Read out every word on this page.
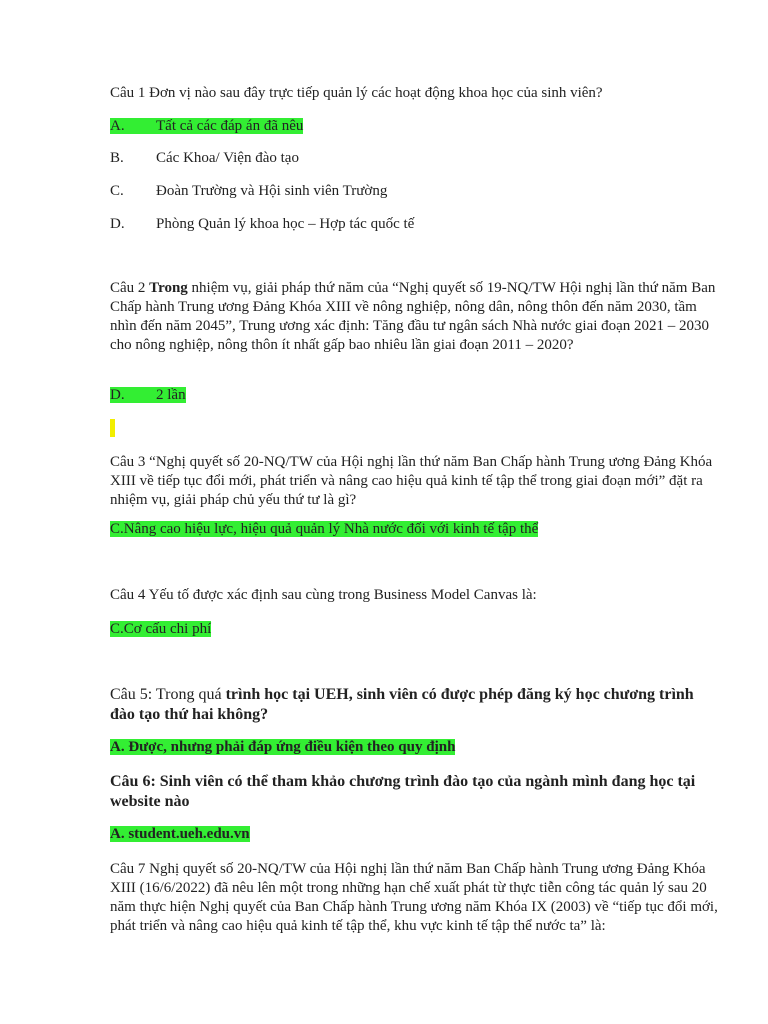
Câu 1 Đơn vị nào sau đây trực tiếp quản lý các hoạt động khoa học của sinh viên?

A. Tất cả các đáp án đã nêu
B. Các Khoa/ Viện đào tạo
C. Đoàn Trường và Hội sinh viên Trường
D. Phòng Quản lý khoa học – Hợp tác quốc tế

Câu 2 Trong nhiệm vụ, giải pháp thứ năm của “Nghị quyết số 19-NQ/TW Hội nghị lần thứ năm Ban Chấp hành Trung ương Đảng Khóa XIII về nông nghiệp, nông dân, nông thôn đến năm 2030, tầm nhìn đến năm 2045”, Trung ương xác định: Tăng đầu tư ngân sách Nhà nước giai đoạn 2021 – 2030 cho nông nghiệp, nông thôn ít nhất gấp bao nhiêu lần giai đoạn 2011 – 2020?

D. 2 lần

Câu 3 “Nghị quyết số 20-NQ/TW của Hội nghị lần thứ năm Ban Chấp hành Trung ương Đảng Khóa XIII về tiếp tục đổi mới, phát triển và nâng cao hiệu quả kinh tế tập thể trong giai đoạn mới” đặt ra nhiệm vụ, giải pháp chủ yếu thứ tư là gì?

C.Nâng cao hiệu lực, hiệu quả quản lý Nhà nước đối với kinh tế tập thể

Câu 4 Yếu tố được xác định sau cùng trong Business Model Canvas là:

C.Cơ cấu chi phí

Câu 5: Trong quá trình học tại UEH, sinh viên có được phép đăng ký học chương trình đào tạo thứ hai không?

A. Được, nhưng phải đáp ứng điều kiện theo quy định

Câu 6: Sinh viên có thể tham khảo chương trình đào tạo của ngành mình đang học tại website nào

A. student.ueh.edu.vn

Câu 7 Nghị quyết số 20-NQ/TW của Hội nghị lần thứ năm Ban Chấp hành Trung ương Đảng Khóa XIII (16/6/2022) đã nêu lên một trong những hạn chế xuất phát từ thực tiễn công tác quản lý sau 20 năm thực hiện Nghị quyết của Ban Chấp hành Trung ương năm Khóa IX (2003) về “tiếp tục đổi mới, phát triển và nâng cao hiệu quả kinh tế tập thể, khu vực kinh tế tập thể nước ta” là:
